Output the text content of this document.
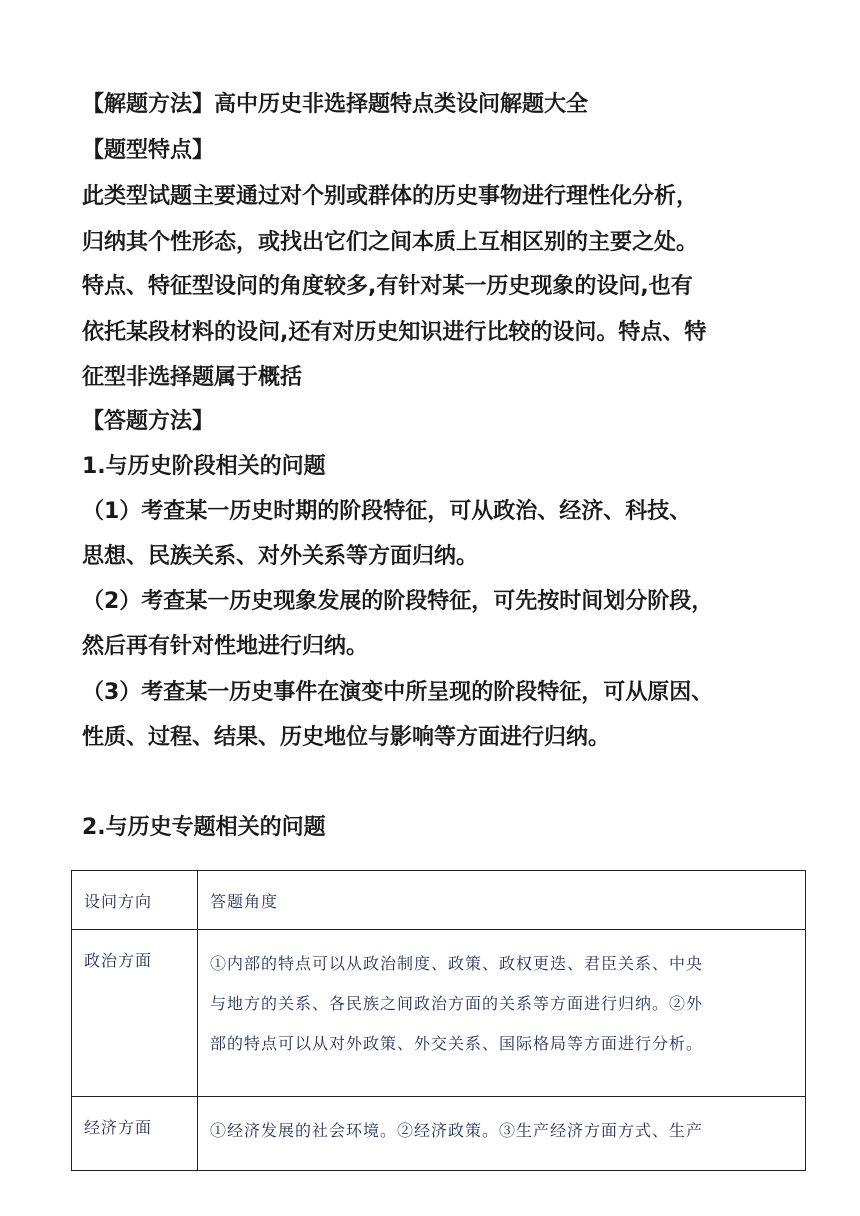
【解题方法】高中历史非选择题特点类设问解题大全
【题型特点】
此类型试题主要通过对个别或群体的历史事物进行理性化分析，
归纳其个性形态，或找出它们之间本质上互相区别的主要之处。
特点、特征型设问的角度较多,有针对某一历史现象的设问,也有
依托某段材料的设问,还有对历史知识进行比较的设问。特点、特
征型非选择题属于概括
【答题方法】
1.与历史阶段相关的问题
（1）考查某一历史时期的阶段特征，可从政治、经济、科技、
思想、民族关系、对外关系等方面归纳。
（2）考查某一历史现象发展的阶段特征，可先按时间划分阶段，
然后再有针对性地进行归纳。
（3）考查某一历史事件在演变中所呈现的阶段特征，可从原因、
性质、过程、结果、历史地位与影响等方面进行归纳。
2.与历史专题相关的问题
设问方向	答题角度
政治方面	①内部的特点可以从政治制度、政策、政权更迭、君臣关系、中央
与地方的关系、各民族之间政治方面的关系等方面进行归纳。②外
部的特点可以从对外政策、外交关系、国际格局等方面进行分析。

经济方面	①经济发展的社会环境。②经济政策。③生产经济方面方式、生产
